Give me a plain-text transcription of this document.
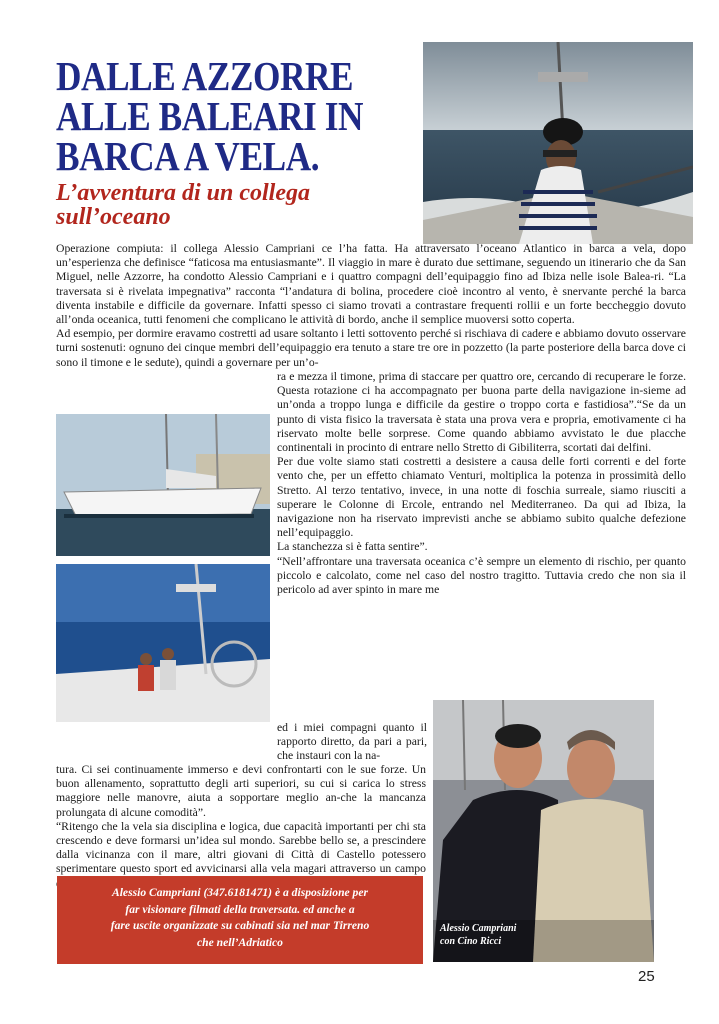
DALLE AZZORRE ALLE BALEARI IN BARCA A VELA.
L’avventura di un collega sull’oceano

Operazione compiuta: il collega Alessio Campriani ce l’ha fatta. Ha attraversato l’oceano Atlantico in barca a vela, dopo un’esperienza che definisce “faticosa ma entusiasmante”. Il viaggio in mare è durato due settimane, seguendo un itinerario che da San Miguel, nelle Azzorre, ha condotto Alessio Campriani e i quattro compagni dell’equipaggio fino ad Ibiza nelle isole Balea-ri. “La traversata si è rivelata impegnativa” racconta “l’andatura di bolina, procedere cioè incontro al vento, è snervante perché la barca diventa instabile e difficile da governare. Infatti spesso ci siamo trovati a contrastare frequenti rollii e un forte beccheggio dovuto all’onda oceanica, tutti fenomeni che complicano le attività di bordo, anche il semplice muoversi sotto coperta.

Ad esempio, per dormire eravamo costretti ad usare soltanto i letti sottovento perché si rischiava di cadere e abbiamo dovuto osservare turni sostenuti: ognuno dei cinque membri dell’equipaggio era tenuto a stare tre ore in pozzetto (la parte posteriore della barca dove ci sono il timone e le sedute), quindi a governare per un’o-

ra e mezza il timone, prima di staccare per quattro ore, cercando di recuperare le forze. Questa rotazione ci ha accompagnato per buona parte della navigazione in-sieme ad un’onda a troppo lunga e difficile da gestire o troppo corta e fastidiosa”.“Se da un punto di vista fisico la traversata è stata una prova vera e propria, emotivamente ci ha riservato molte belle sorprese. Come quando abbiamo avvistato le due placche continentali in procinto di entrare nello Stretto di Gibiliterra, scortati dai delfini.

Per due volte siamo stati costretti a desistere a causa delle forti correnti e del forte vento che, per un effetto chiamato Venturi, moltiplica la potenza in prossimità dello Stretto. Al terzo tentativo, invece, in una notte di foschia surreale, siamo riusciti a superare le Colonne di Ercole, entrando nel Mediterraneo. Da qui ad Ibiza, la navigazione non ha riservato imprevisti anche se abbiamo subito qualche defezione nell’equipaggio.

La stanchezza si è fatta sentire”.

“Nell’affrontare una traversata oceanica c’è sempre un elemento di rischio, per quanto piccolo e calcolato, come nel caso del nostro tragitto. Tuttavia credo che non sia il pericolo ad aver spinto in mare me

ed i miei compagni quanto il rapporto diretto, da pari a pari, che instauri con la na-

tura. Ci sei continuamente immerso e devi confrontarti con le sue forze. Un buon allenamento, soprattutto degli arti superiori, su cui si carica lo stress maggiore nelle manovre, aiuta a sopportare meglio an-che la mancanza prolungata di alcune comodità”.

“Ritengo che la vela sia disciplina e logica, due capacità importanti per chi sta crescendo e deve formarsi un’idea sul mondo. Sarebbe bello se, a prescindere dalla vicinanza con il mare, altri giovani di Città di Castello potessero sperimentare questo sport ed avvicinarsi alla vela magari attraverso un campo

Alessio Campriani
con Cino Ricci
Alessio Campriani (347.6181471) è a disposizione per
far visionare filmati della traversata. ed anche a
fare uscite organizzate su cabinati sia nel mar Tirreno
che nell’Adriatico
25
